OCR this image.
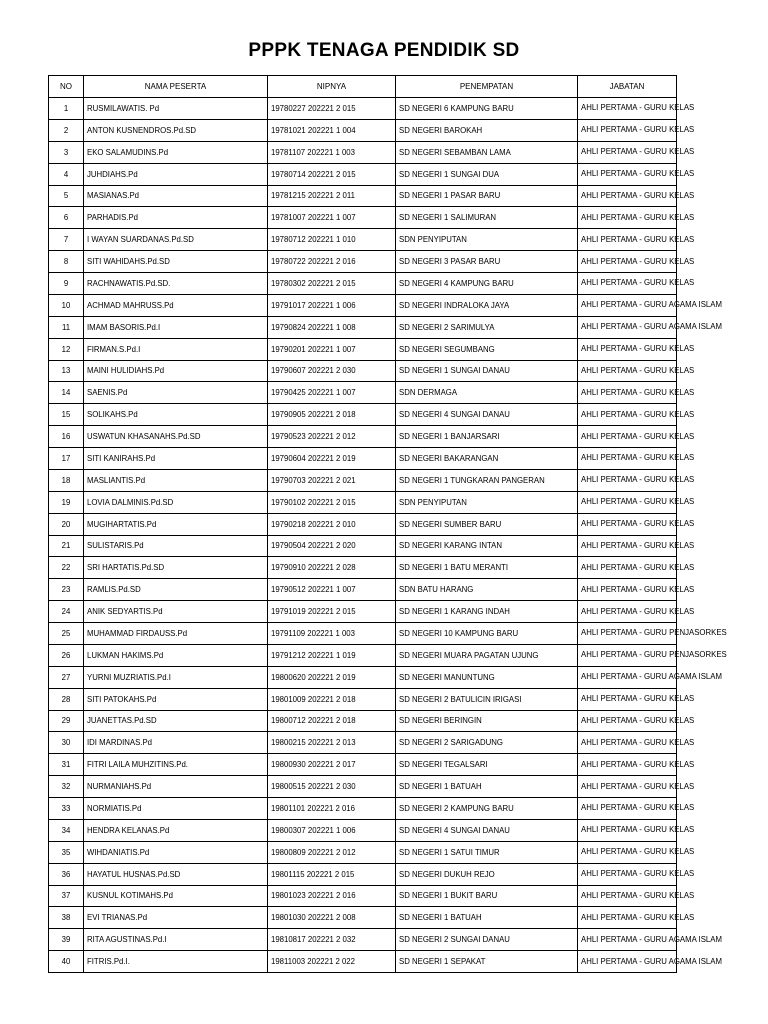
PPPK TENAGA PENDIDIK SD
NO	NAMA PESERTA	NIPNYA	PENEMPATAN	JABATAN
1	RUSMILAWATIS. Pd	19780227 202221 2 015	SD NEGERI 6 KAMPUNG BARU	AHLI PERTAMA - GURU KELAS
2	ANTON KUSNENDROS.Pd.SD	19781021 202221 1 004	SD NEGERI BAROKAH	AHLI PERTAMA - GURU KELAS
3	EKO SALAMUDINS.Pd	19781107 202221 1 003	SD NEGERI SEBAMBAN LAMA	AHLI PERTAMA - GURU KELAS
4	JUHDIAHS.Pd	19780714 202221 2 015	SD NEGERI 1 SUNGAI DUA	AHLI PERTAMA - GURU KELAS
5	MASIANAS.Pd	19781215 202221 2 011	SD NEGERI 1 PASAR BARU	AHLI PERTAMA - GURU KELAS
6	PARHADIS.Pd	19781007 202221 1 007	SD NEGERI 1 SALIMURAN	AHLI PERTAMA - GURU KELAS
7	I WAYAN SUARDANAS.Pd.SD	19780712 202221 1 010	SDN PENYIPUTAN	AHLI PERTAMA - GURU KELAS
8	SITI WAHIDAHS.Pd.SD	19780722 202221 2 016	SD NEGERI 3 PASAR BARU	AHLI PERTAMA - GURU KELAS
9	RACHNAWATIS.Pd.SD.	19780302 202221 2 015	SD NEGERI 4 KAMPUNG BARU	AHLI PERTAMA - GURU KELAS
10	ACHMAD MAHRUSS.Pd	19791017 202221 1 006	SD NEGERI INDRALOKA JAYA	AHLI PERTAMA - GURU AGAMA ISLAM
11	IMAM BASORIS.Pd.I	19790824 202221 1 008	SD NEGERI 2 SARIMULYA	AHLI PERTAMA - GURU AGAMA ISLAM
12	FIRMAN.S.Pd.I	19790201 202221 1 007	SD NEGERI SEGUMBANG	AHLI PERTAMA - GURU KELAS
13	MAINI HULIDIAHS.Pd	19790607 202221 2 030	SD NEGERI 1 SUNGAI DANAU	AHLI PERTAMA - GURU KELAS
14	SAENIS.Pd	19790425 202221 1 007	SDN DERMAGA	AHLI PERTAMA - GURU KELAS
15	SOLIKAHS.Pd	19790905 202221 2 018	SD NEGERI 4 SUNGAI DANAU	AHLI PERTAMA - GURU KELAS
16	USWATUN KHASANAHS.Pd.SD	19790523 202221 2 012	SD NEGERI 1 BANJARSARI	AHLI PERTAMA - GURU KELAS
17	SITI KANIRAHS.Pd	19790604 202221 2 019	SD NEGERI BAKARANGAN	AHLI PERTAMA - GURU KELAS
18	MASLIANTIS.Pd	19790703 202221 2 021	SD NEGERI 1 TUNGKARAN PANGERAN	AHLI PERTAMA - GURU KELAS
19	LOVIA DALMINIS.Pd.SD	19790102 202221 2 015	SDN PENYIPUTAN	AHLI PERTAMA - GURU KELAS
20	MUGIHARTATIS.Pd	19790218 202221 2 010	SD NEGERI SUMBER BARU	AHLI PERTAMA - GURU KELAS
21	SULISTARIS.Pd	19790504 202221 2 020	SD NEGERI KARANG INTAN	AHLI PERTAMA - GURU KELAS
22	SRI HARTATIS.Pd.SD	19790910 202221 2 028	SD NEGERI 1 BATU MERANTI	AHLI PERTAMA - GURU KELAS
23	RAMLIS.Pd.SD	19790512 202221 1 007	SDN BATU HARANG	AHLI PERTAMA - GURU KELAS
24	ANIK SEDYARTIS.Pd	19791019 202221 2 015	SD NEGERI 1 KARANG INDAH	AHLI PERTAMA - GURU KELAS
25	MUHAMMAD FIRDAUSS.Pd	19791109 202221 1 003	SD NEGERI 10 KAMPUNG BARU	AHLI PERTAMA - GURU PENJASORKES
26	LUKMAN HAKIMS.Pd	19791212 202221 1 019	SD NEGERI MUARA PAGATAN UJUNG	AHLI PERTAMA - GURU PENJASORKES
27	YURNI MUZRIATIS.Pd.I	19800620 202221 2 019	SD NEGERI MANUNTUNG	AHLI PERTAMA - GURU AGAMA ISLAM
28	SITI PATOKAHS.Pd	19801009 202221 2 018	SD NEGERI 2 BATULICIN IRIGASI	AHLI PERTAMA - GURU KELAS
29	JUANETTAS.Pd.SD	19800712 202221 2 018	SD NEGERI BERINGIN	AHLI PERTAMA - GURU KELAS
30	IDI MARDINAS.Pd	19800215 202221 2 013	SD NEGERI 2 SARIGADUNG	AHLI PERTAMA - GURU KELAS
31	FITRI LAILA MUHZITINS.Pd.	19800930 202221 2 017	SD NEGERI TEGALSARI	AHLI PERTAMA - GURU KELAS
32	NURMANIAHS.Pd	19800515 202221 2 030	SD NEGERI 1 BATUAH	AHLI PERTAMA - GURU KELAS
33	NORMIATIS.Pd	19801101 202221 2 016	SD NEGERI 2 KAMPUNG BARU	AHLI PERTAMA - GURU KELAS
34	HENDRA KELANAS.Pd	19800307 202221 1 006	SD NEGERI 4 SUNGAI DANAU	AHLI PERTAMA - GURU KELAS
35	WIHDANIATIS.Pd	19800809 202221 2 012	SD NEGERI 1 SATUI TIMUR	AHLI PERTAMA - GURU KELAS
36	HAYATUL HUSNAS.Pd.SD	19801115 202221 2 015	SD NEGERI DUKUH REJO	AHLI PERTAMA - GURU KELAS
37	KUSNUL KOTIMAHS.Pd	19801023 202221 2 016	SD NEGERI 1 BUKIT BARU	AHLI PERTAMA - GURU KELAS
38	EVI TRIANAS.Pd	19801030 202221 2 008	SD NEGERI 1 BATUAH	AHLI PERTAMA - GURU KELAS
39	RITA AGUSTINAS.Pd.I	19810817 202221 2 032	SD NEGERI 2 SUNGAI DANAU	AHLI PERTAMA - GURU AGAMA ISLAM
40	FITRIS.Pd.I.	19811003 202221 2 022	SD NEGERI 1 SEPAKAT	AHLI PERTAMA - GURU AGAMA ISLAM
